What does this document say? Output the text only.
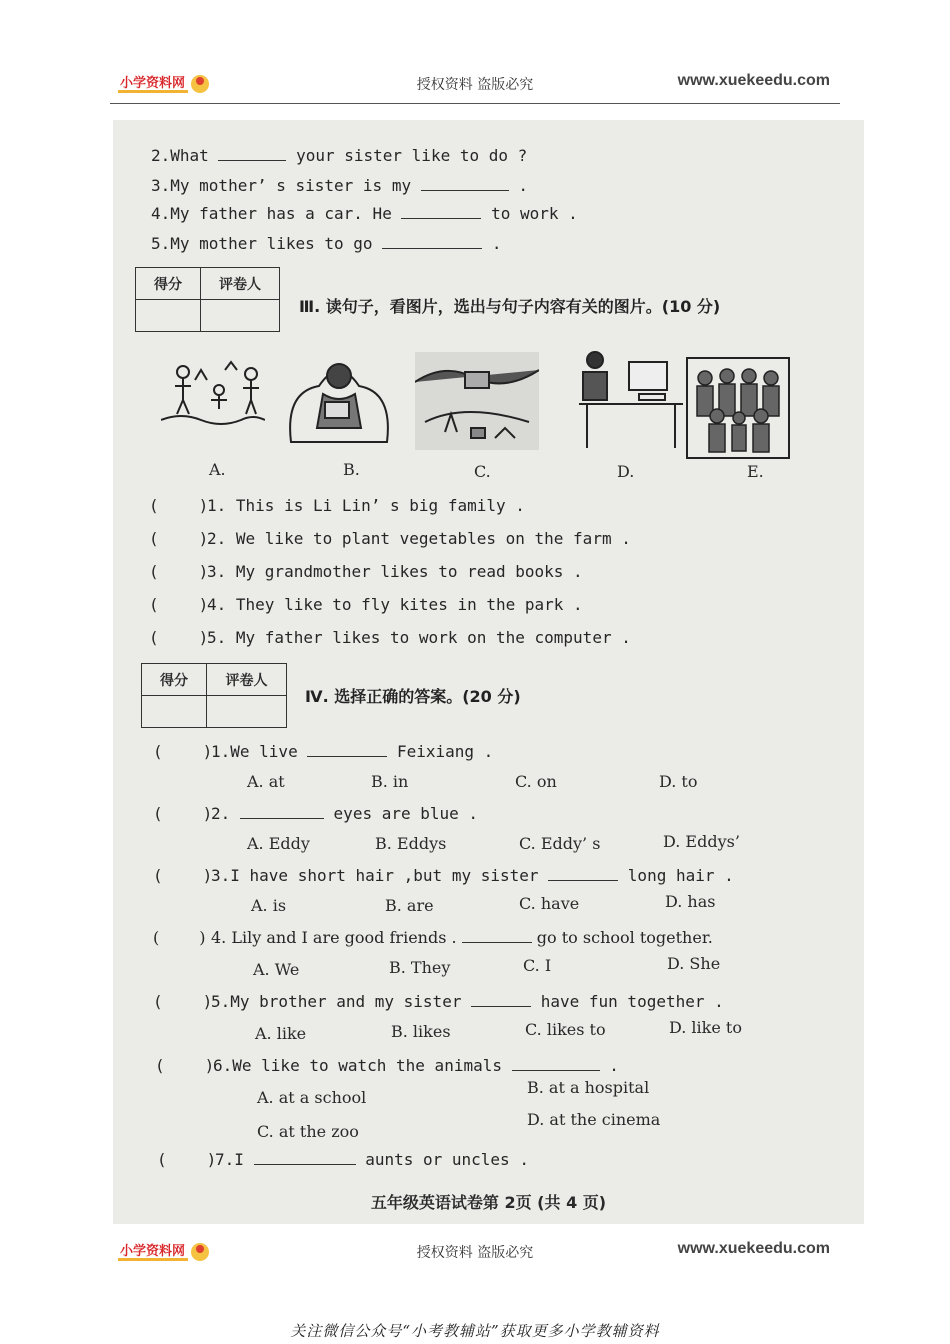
小学资料网	授权资料 盗版必究	www.xuekeedu.com
2.What	your sister like to do ?
3.My mother’ s sister is my	.
4.My father has a car. He	to work .
5.My mother likes to go	.
得分	评卷人
Ⅲ. 读句子，看图片，选出与句子内容有关的图片。(10 分)
A.	B.	C.	D.	E.
(	)1. This is Li Lin’ s big family .
(	)2. We like to plant vegetables on the farm .
(	)3. My grandmother likes to read books .
(	)4. They like to fly kites in the park .
(	)5. My father likes to work on the computer .
得分	评卷人
Ⅳ. 选择正确的答案。(20 分)
(	)1.We live	Feixiang .
A. at	B. in	C. on	D. to
(	)2.	eyes are blue .
A. Eddy	B. Eddys	C. Eddy’ s	D. Eddys’
(	)3.I have short hair ,but my sister	long hair .
A. is	B. are	C. have	D. has
(	) 4. Lily and I are good friends .	go to school together.
A. We	B. They	C. I	D. She
(	)5.My brother and my sister	have fun together .
A. like	B. likes	C. likes to	D. like to
(	)6.We like to watch the animals	.
A. at a school
B. at a hospital
C. at the zoo
D. at the cinema
(	)7.I	aunts or uncles .
五年级英语试卷第 2页 (共 4 页)
小学资料网	授权资料 盗版必究	www.xuekeedu.com
关注微信公众号“小考教辅站”获取更多小学教辅资料
